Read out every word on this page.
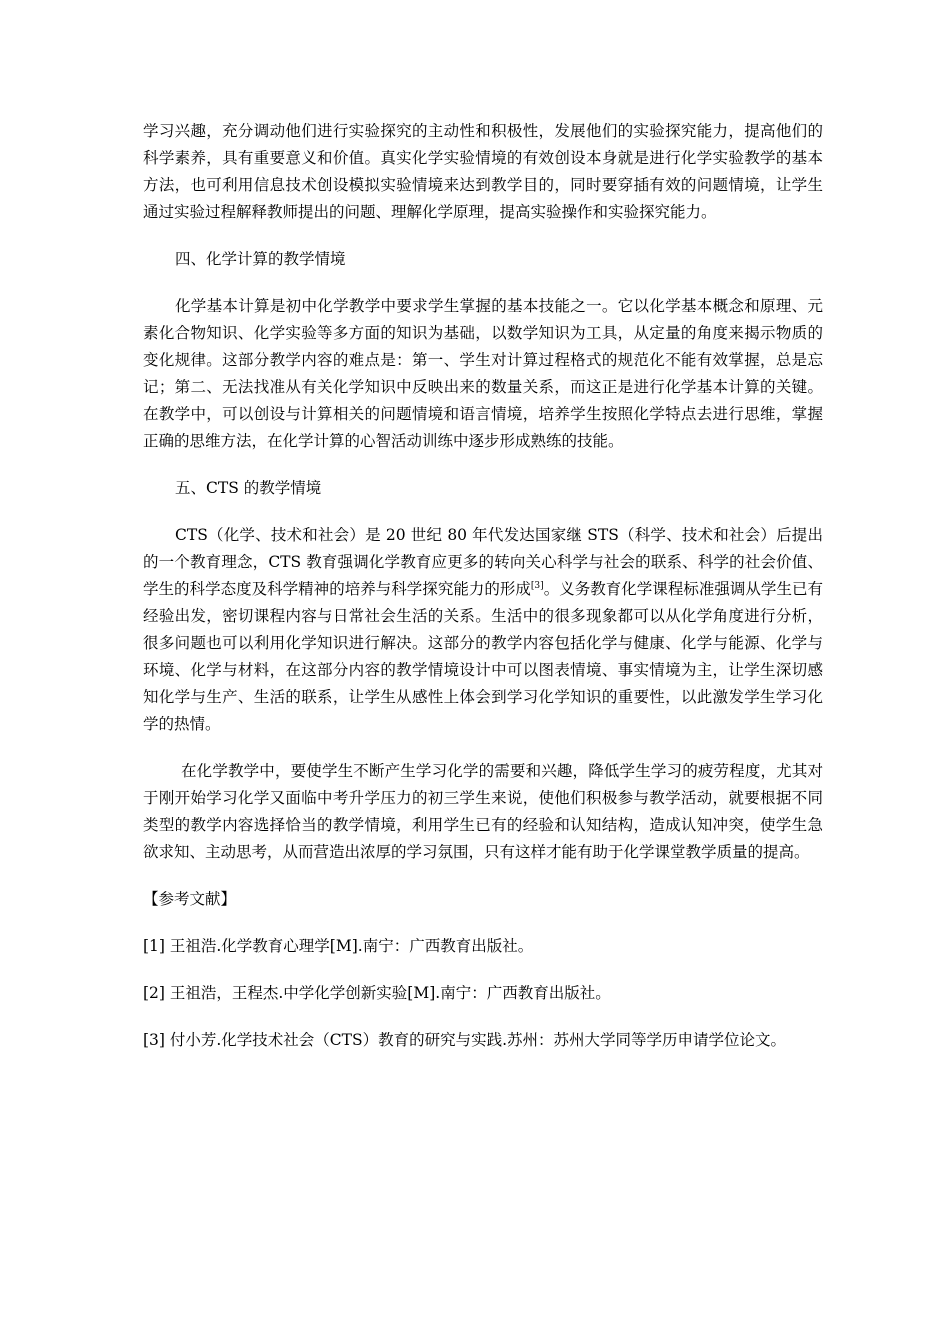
学习兴趣，充分调动他们进行实验探究的主动性和积极性，发展他们的实验探究能力，提高他们的科学素养，具有重要意义和价值。真实化学实验情境的有效创设本身就是进行化学实验教学的基本方法，也可利用信息技术创设模拟实验情境来达到教学目的，同时要穿插有效的问题情境，让学生通过实验过程解释教师提出的问题、理解化学原理，提高实验操作和实验探究能力。

四、化学计算的教学情境

化学基本计算是初中化学教学中要求学生掌握的基本技能之一。它以化学基本概念和原理、元素化合物知识、化学实验等多方面的知识为基础，以数学知识为工具，从定量的角度来揭示物质的变化规律。这部分教学内容的难点是：第一、学生对计算过程格式的规范化不能有效掌握，总是忘记；第二、无法找准从有关化学知识中反映出来的数量关系，而这正是进行化学基本计算的关键。在教学中，可以创设与计算相关的问题情境和语言情境，培养学生按照化学特点去进行思维，掌握正确的思维方法，在化学计算的心智活动训练中逐步形成熟练的技能。

五、CTS 的教学情境

CTS（化学、技术和社会）是 20 世纪 80 年代发达国家继 STS（科学、技术和社会）后提出的一个教育理念，CTS 教育强调化学教育应更多的转向关心科学与社会的联系、科学的社会价值、学生的科学态度及科学精神的培养与科学探究能力的形成[3]。义务教育化学课程标准强调从学生已有经验出发，密切课程内容与日常社会生活的关系。生活中的很多现象都可以从化学角度进行分析，很多问题也可以利用化学知识进行解决。这部分的教学内容包括化学与健康、化学与能源、化学与环境、化学与材料，在这部分内容的教学情境设计中可以图表情境、事实情境为主，让学生深切感知化学与生产、生活的联系，让学生从感性上体会到学习化学知识的重要性，以此激发学生学习化学的热情。

在化学教学中，要使学生不断产生学习化学的需要和兴趣，降低学生学习的疲劳程度，尤其对于刚开始学习化学又面临中考升学压力的初三学生来说，使他们积极参与教学活动，就要根据不同类型的教学内容选择恰当的教学情境，利用学生已有的经验和认知结构，造成认知冲突，使学生急欲求知、主动思考，从而营造出浓厚的学习氛围，只有这样才能有助于化学课堂教学质量的提高。

【参考文献】

[1] 王祖浩.化学教育心理学[M].南宁：广西教育出版社。

[2] 王祖浩，王程杰.中学化学创新实验[M].南宁：广西教育出版社。

[3] 付小芳.化学技术社会（CTS）教育的研究与实践.苏州：苏州大学同等学历申请学位论文。
